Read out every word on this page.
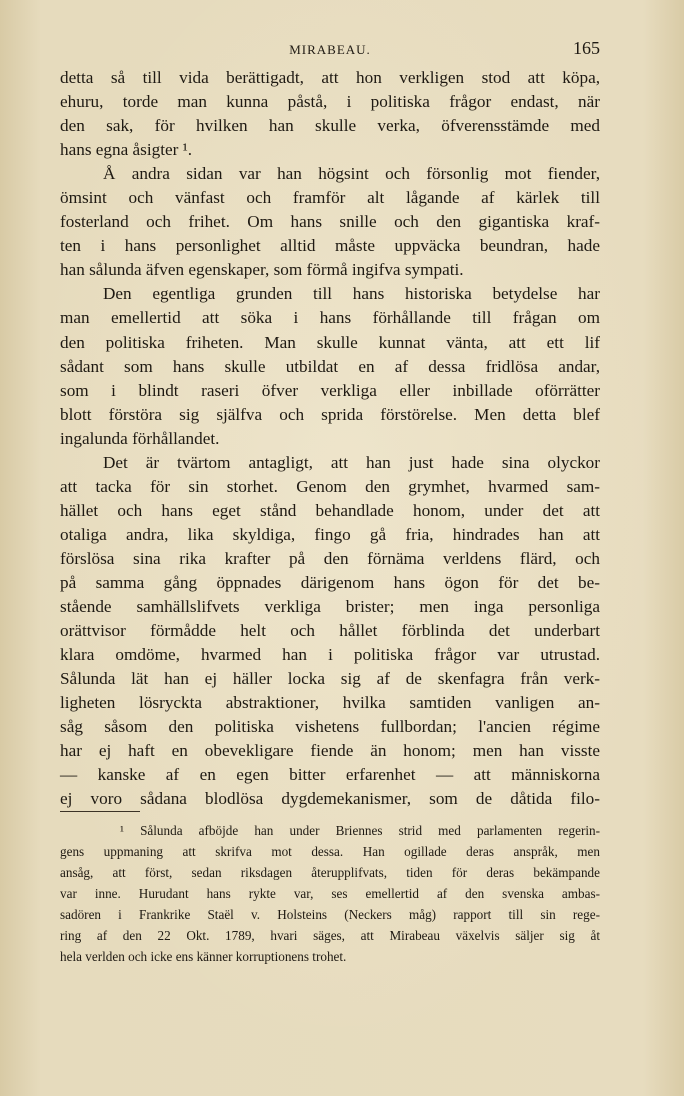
MIRABEAU.	165
detta så till vida berättigadt, att hon verkligen stod att köpa,
ehuru, torde man kunna påstå, i politiska frågor endast, när
den sak, för hvilken han skulle verka, öfverensstämde med
hans egna åsigter ¹.
Å andra sidan var han högsint och försonlig mot fiender,
ömsint och vänfast och framför alt lågande af kärlek till
fosterland och frihet. Om hans snille och den gigantiska kraf-
ten i hans personlighet alltid måste uppväcka beundran, hade
han sålunda äfven egenskaper, som förmå ingifva sympati.
Den egentliga grunden till hans historiska betydelse har
man emellertid att söka i hans förhållande till frågan om
den politiska friheten. Man skulle kunnat vänta, att ett lif
sådant som hans skulle utbildat en af dessa fridlösa andar,
som i blindt raseri öfver verkliga eller inbillade oförrätter
blott förstöra sig själfva och sprida förstörelse. Men detta blef
ingalunda förhållandet.
Det är tvärtom antagligt, att han just hade sina olyckor
att tacka för sin storhet. Genom den grymhet, hvarmed sam-
hället och hans eget stånd behandlade honom, under det att
otaliga andra, lika skyldiga, fingo gå fria, hindrades han att
förslösa sina rika krafter på den förnäma verldens flärd, och
på samma gång öppnades därigenom hans ögon för det be-
stående samhällslifvets verkliga brister; men inga personliga
orättvisor förmådde helt och hållet förblinda det underbart
klara omdöme, hvarmed han i politiska frågor var utrustad.
Sålunda lät han ej häller locka sig af de skenfagra från verk-
ligheten lösryckta abstraktioner, hvilka samtiden vanligen an-
såg såsom den politiska vishetens fullbordan; l'ancien régime
har ej haft en obevekligare fiende än honom; men han visste
— kanske af en egen bitter erfarenhet — att människorna
ej voro sådana blodlösa dygdemekanismer, som de dåtida filo-
¹ Sålunda afböjde han under Briennes strid med parlamenten regerin-
gens uppmaning att skrifva mot dessa. Han ogillade deras anspråk, men
ansåg, att först, sedan riksdagen återupplifvats, tiden för deras bekämpande
var inne. Hurudant hans rykte var, ses emellertid af den svenska ambas-
sadören i Frankrike Staël v. Holsteins (Neckers måg) rapport till sin rege-
ring af den 22 Okt. 1789, hvari säges, att Mirabeau växelvis säljer sig åt
hela verlden och icke ens känner korruptionens trohet.
